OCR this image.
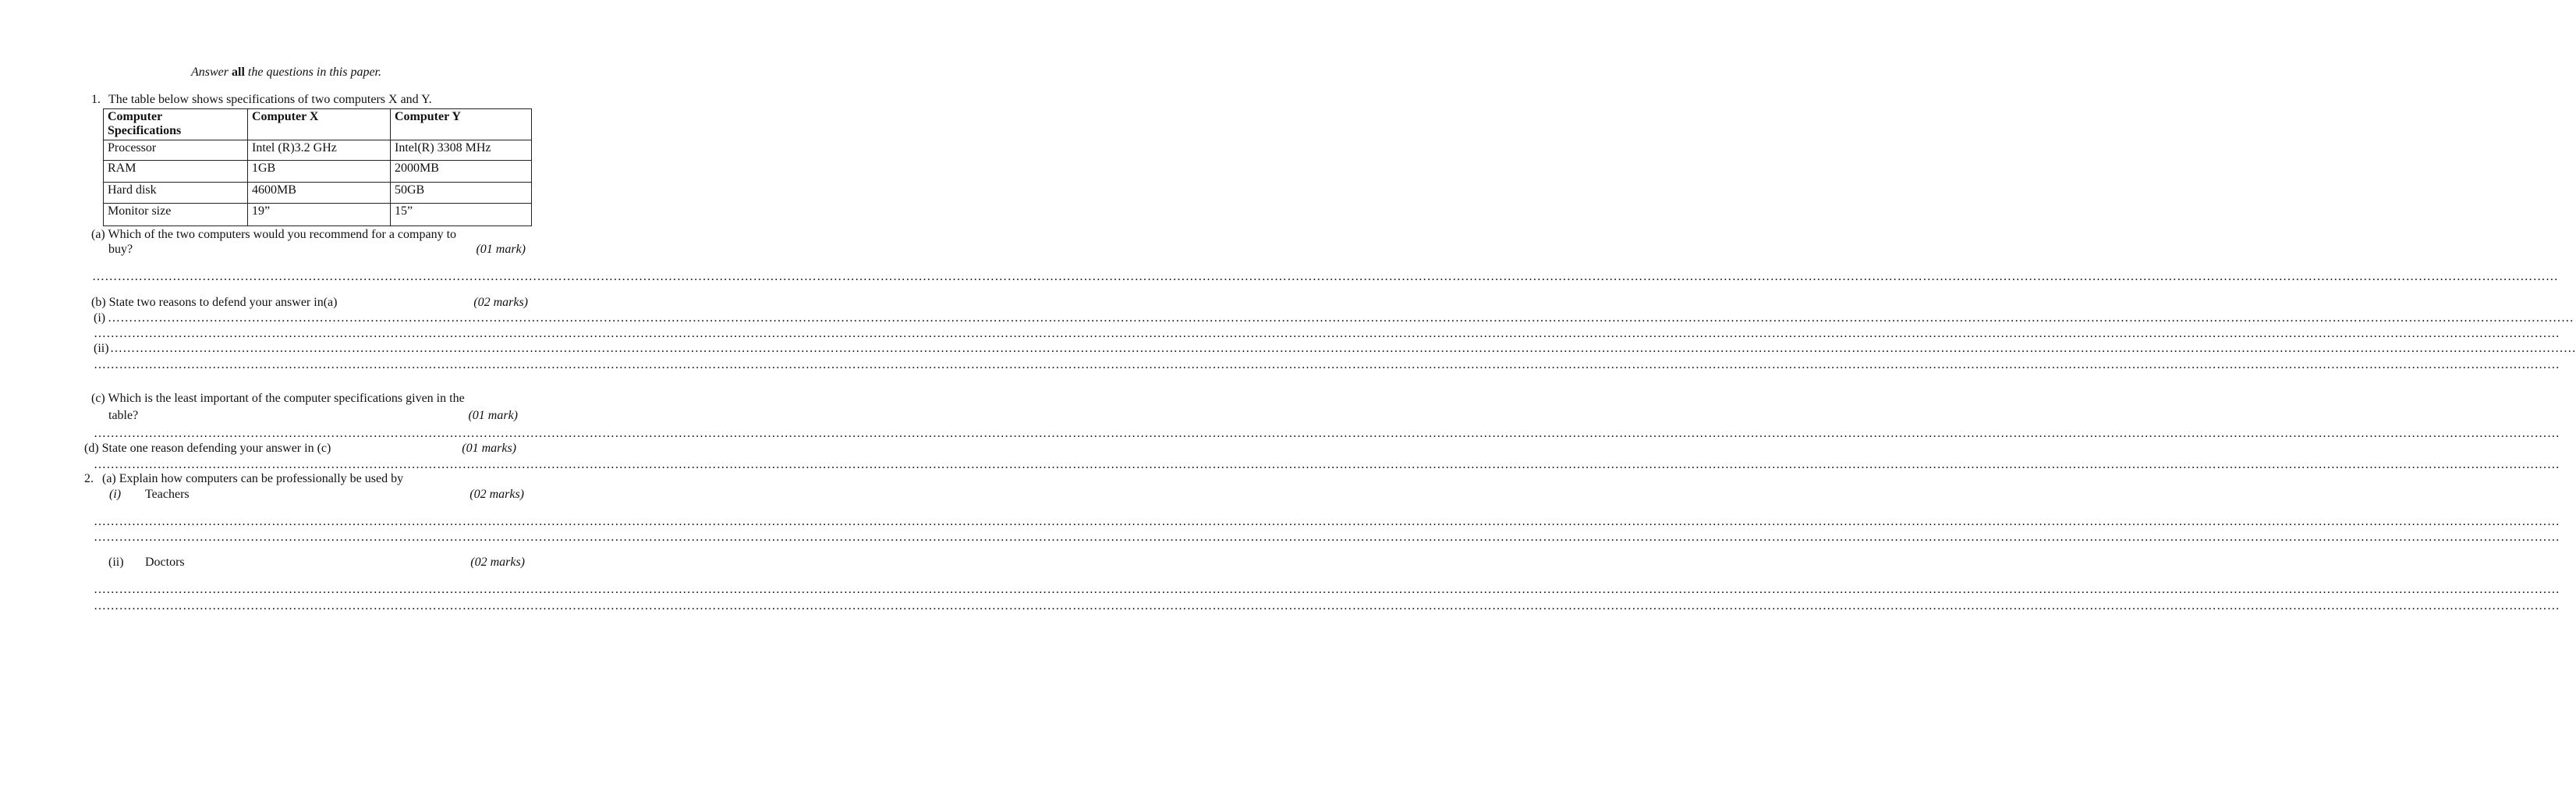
Answer all the questions in this paper.
1. The table below shows specifications of two computers X and Y.
Computer
Specifications	Computer X	Computer Y
Processor	Intel (R)3.2 GHz	Intel(R) 3308 MHz
RAM	1GB	2000MB
Hard disk	4600MB	50GB
Monitor size	19”	15”
(a) Which of the two computers would you recommend for a company to
buy?	(01 mark)
……………………………………………………………………………………………………………………………………………………………………………………………………………………………………………………………………………………………………………………………………………………………………………………………………………………………………………………………………………………………………………………………………
(b) State two reasons to defend your answer in(a)	(02 marks)
(i) ……………………………………………………………………………………………………………………………………………………………………………………………………………………………………………………………………………………………………………………………………………………………………………………………………………………………………………………………………………………………………………………………………
……………………………………………………………………………………………………………………………………………………………………………………………………………………………………………………………………………………………………………………………………………………………………………………………………………………………………………………………………………………………………………………………………
(ii) ……………………………………………………………………………………………………………………………………………………………………………………………………………………………………………………………………………………………………………………………………………………………………………………………………………………………………………………………………………………………………………………………………
……………………………………………………………………………………………………………………………………………………………………………………………………………………………………………………………………………………………………………………………………………………………………………………………………………………………………………………………………………………………………………………………………
(c) Which is the least important of the computer specifications given in the
table?	(01 mark)
……………………………………………………………………………………………………………………………………………………………………………………………………………………………………………………………………………………………………………………………………………………………………………………………………………………………………………………………………………………………………………………………………
(d) State one reason defending your answer in (c)	(01 marks)
……………………………………………………………………………………………………………………………………………………………………………………………………………………………………………………………………………………………………………………………………………………………………………………………………………………………………………………………………………………………………………………………………
2. (a) Explain how computers can be professionally be used by
(i) Teachers	(02 marks)
……………………………………………………………………………………………………………………………………………………………………………………………………………………………………………………………………………………………………………………………………………………………………………………………………………………………………………………………………………………………………………………………………
……………………………………………………………………………………………………………………………………………………………………………………………………………………………………………………………………………………………………………………………………………………………………………………………………………………………………………………………………………………………………………………………………
(ii) Doctors	(02 marks)
……………………………………………………………………………………………………………………………………………………………………………………………………………………………………………………………………………………………………………………………………………………………………………………………………………………………………………………………………………………………………………………………………
……………………………………………………………………………………………………………………………………………………………………………………………………………………………………………………………………………………………………………………………………………………………………………………………………………………………………………………………………………………………………………………………………
